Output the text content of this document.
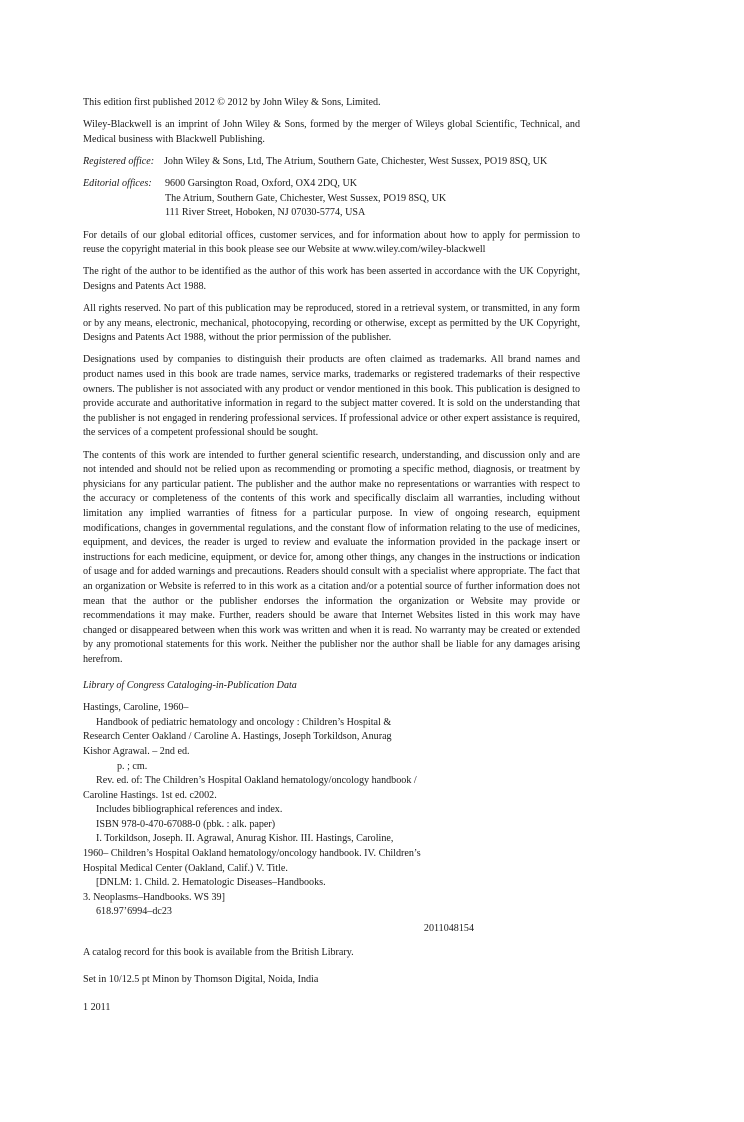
This edition first published 2012 © 2012 by John Wiley & Sons, Limited.

Wiley-Blackwell is an imprint of John Wiley & Sons, formed by the merger of Wileys global Scientific, Technical, and Medical business with Blackwell Publishing.

Registered office: John Wiley & Sons, Ltd, The Atrium, Southern Gate, Chichester, West Sussex, PO19 8SQ, UK
Editorial offices:	9600 Garsington Road, Oxford, OX4 2DQ, UK
The Atrium, Southern Gate, Chichester, West Sussex, PO19 8SQ, UK
111 River Street, Hoboken, NJ 07030-5774, USA

For details of our global editorial offices, customer services, and for information about how to apply for permission to reuse the copyright material in this book please see our Website at www.wiley.com/wiley-blackwell

The right of the author to be identified as the author of this work has been asserted in accordance with the UK Copyright, Designs and Patents Act 1988.

All rights reserved. No part of this publication may be reproduced, stored in a retrieval system, or transmitted, in any form or by any means, electronic, mechanical, photocopying, recording or otherwise, except as permitted by the UK Copyright, Designs and Patents Act 1988, without the prior permission of the publisher.

Designations used by companies to distinguish their products are often claimed as trademarks. All brand names and product names used in this book are trade names, service marks, trademarks or registered trademarks of their respective owners. The publisher is not associated with any product or vendor mentioned in this book. This publication is designed to provide accurate and authoritative information in regard to the subject matter covered. It is sold on the understanding that the publisher is not engaged in rendering professional services. If professional advice or other expert assistance is required, the services of a competent professional should be sought.

The contents of this work are intended to further general scientific research, understanding, and discussion only and are not intended and should not be relied upon as recommending or promoting a specific method, diagnosis, or treatment by physicians for any particular patient. The publisher and the author make no representations or warranties with respect to the accuracy or completeness of the contents of this work and specifically disclaim all warranties, including without limitation any implied warranties of fitness for a particular purpose. In view of ongoing research, equipment modifications, changes in governmental regulations, and the constant flow of information relating to the use of medicines, equipment, and devices, the reader is urged to review and evaluate the information provided in the package insert or instructions for each medicine, equipment, or device for, among other things, any changes in the instructions or indication of usage and for added warnings and precautions. Readers should consult with a specialist where appropriate. The fact that an organization or Website is referred to in this work as a citation and/or a potential source of further information does not mean that the author or the publisher endorses the information the organization or Website may provide or recommendations it may make. Further, readers should be aware that Internet Websites listed in this work may have changed or disappeared between when this work was written and when it is read. No warranty may be created or extended by any promotional statements for this work. Neither the publisher nor the author shall be liable for any damages arising herefrom.

Library of Congress Cataloging-in-Publication Data
Hastings, Caroline, 1960–
Handbook of pediatric hematology and oncology : Children’s Hospital &
Research Center Oakland / Caroline A. Hastings, Joseph Torkildson, Anurag
Kishor Agrawal. – 2nd ed.
p. ; cm.
Rev. ed. of: The Children’s Hospital Oakland hematology/oncology handbook /
Caroline Hastings. 1st ed. c2002.
Includes bibliographical references and index.
ISBN 978-0-470-67088-0 (pbk. : alk. paper)
I. Torkildson, Joseph. II. Agrawal, Anurag Kishor. III. Hastings, Caroline,
1960– Children’s Hospital Oakland hematology/oncology handbook. IV. Children’s
Hospital Medical Center (Oakland, Calif.) V. Title.
[DNLM: 1. Child. 2. Hematologic Diseases–Handbooks.
3. Neoplasms–Handbooks. WS 39]
618.97’6994–dc23
2011048154

A catalog record for this book is available from the British Library.

Set in 10/12.5 pt Minon by Thomson Digital, Noida, India

1 2011
